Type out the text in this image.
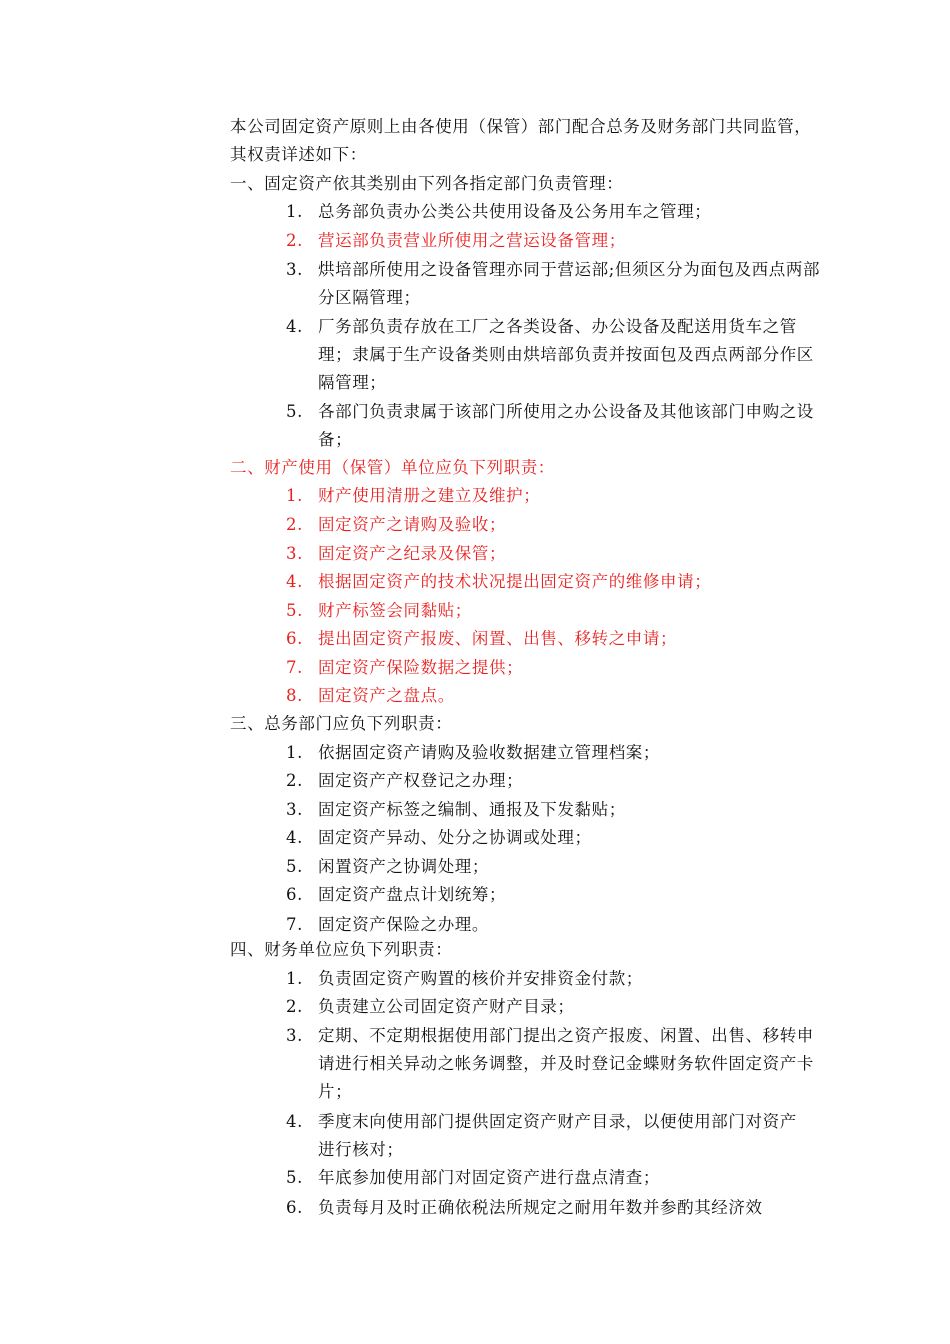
本公司固定资产原则上由各使用（保管）部门配合总务及财务部门共同监管，其权责详述如下：
一、固定资产依其类别由下列各指定部门负责管理：
1. 总务部负责办公类公共使用设备及公务用车之管理；
2. 营运部负责营业所使用之营运设备管理；
3. 烘培部所使用之设备管理亦同于营运部;但须区分为面包及西点两部分区隔管理；
4. 厂务部负责存放在工厂之各类设备、办公设备及配送用货车之管理；隶属于生产设备类则由烘培部负责并按面包及西点两部分作区隔管理；
5. 各部门负责隶属于该部门所使用之办公设备及其他该部门申购之设备；
二、财产使用（保管）单位应负下列职责：
1. 财产使用清册之建立及维护；
2. 固定资产之请购及验收；
3. 固定资产之纪录及保管；
4. 根据固定资产的技术状况提出固定资产的维修申请；
5. 财产标签会同黏贴；
6. 提出固定资产报废、闲置、出售、移转之申请；
7. 固定资产保险数据之提供；
8. 固定资产之盘点。
三、总务部门应负下列职责：
1. 依据固定资产请购及验收数据建立管理档案；
2. 固定资产产权登记之办理；
3. 固定资产标签之编制、通报及下发黏贴；
4. 固定资产异动、处分之协调或处理；
5. 闲置资产之协调处理；
6. 固定资产盘点计划统筹；
7. 固定资产保险之办理。
四、财务单位应负下列职责：
1. 负责固定资产购置的核价并安排资金付款；
2. 负责建立公司固定资产财产目录；
3. 定期、不定期根据使用部门提出之资产报废、闲置、出售、移转申请进行相关异动之帐务调整，并及时登记金蝶财务软件固定资产卡片；
4. 季度末向使用部门提供固定资产财产目录，以便使用部门对资产进行核对；
5. 年底参加使用部门对固定资产进行盘点清查；
6. 负责每月及时正确依税法所规定之耐用年数并参酌其经济效
